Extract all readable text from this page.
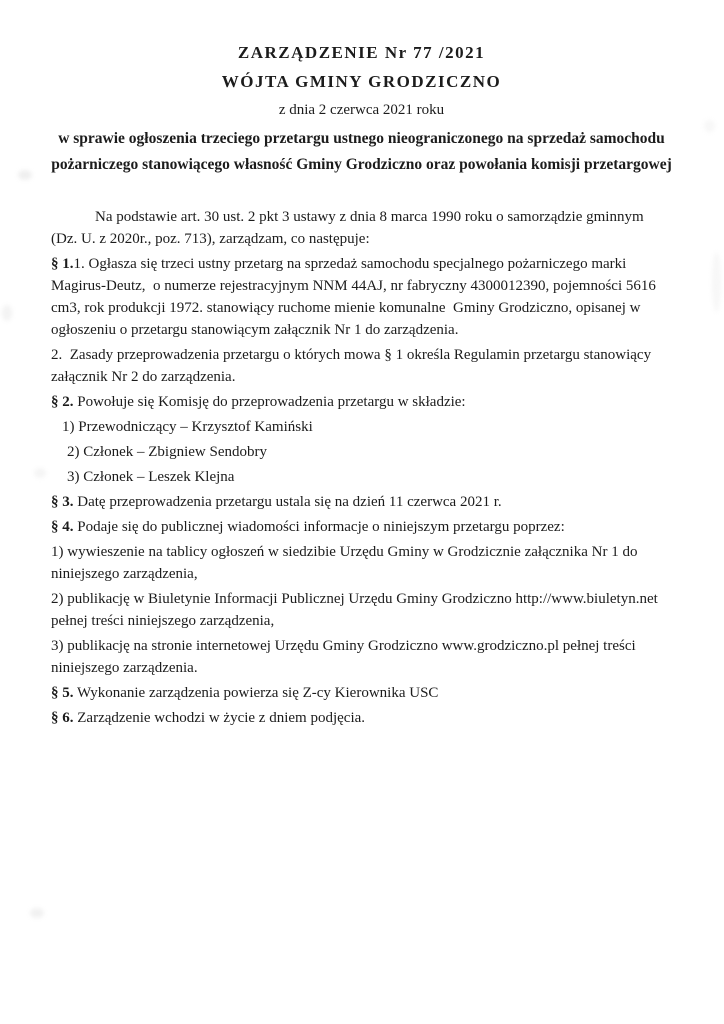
ZARZĄDZENIE Nr 77 /2021
WÓJTA GMINY GRODZICZNO
z dnia 2 czerwca 2021 roku
w sprawie ogłoszenia trzeciego przetargu ustnego nieograniczonego na sprzedaż samochodu pożarniczego stanowiącego własność Gminy Grodziczno oraz powołania komisji przetargowej

Na podstawie art. 30 ust. 2 pkt 3 ustawy z dnia 8 marca 1990 roku o samorządzie gminnym (Dz. U. z 2020r., poz. 713), zarządzam, co następuje:

§ 1.1. Ogłasza się trzeci ustny przetarg na sprzedaż samochodu specjalnego pożarniczego marki Magirus-Deutz,  o numerze rejestracyjnym NNM 44AJ, nr fabryczny 4300012390, pojemności 5616  cm3, rok produkcji 1972. stanowiący ruchome mienie komunalne  Gminy Grodziczno, opisanej w ogłoszeniu o przetargu stanowiącym załącznik Nr 1 do zarządzenia.

2.  Zasady przeprowadzenia przetargu o których mowa § 1 określa Regulamin przetargu stanowiący załącznik Nr 2 do zarządzenia.

§ 2. Powołuje się Komisję do przeprowadzenia przetargu w składzie:

1) Przewodniczący – Krzysztof Kamiński

2) Członek – Zbigniew Sendobry

3) Członek – Leszek Klejna

§ 3. Datę przeprowadzenia przetargu ustala się na dzień 11 czerwca 2021 r.

§ 4. Podaje się do publicznej wiadomości informacje o niniejszym przetargu poprzez:

1) wywieszenie na tablicy ogłoszeń w siedzibie Urzędu Gminy w Grodzicznie załącznika Nr 1 do niniejszego zarządzenia,

2) publikację w Biuletynie Informacji Publicznej Urzędu Gminy Grodziczno http://www.biuletyn.net pełnej treści niniejszego zarządzenia,

3) publikację na stronie internetowej Urzędu Gminy Grodziczno www.grodziczno.pl pełnej treści niniejszego zarządzenia.

§ 5. Wykonanie zarządzenia powierza się Z-cy Kierownika USC

§ 6. Zarządzenie wchodzi w życie z dniem podjęcia.
